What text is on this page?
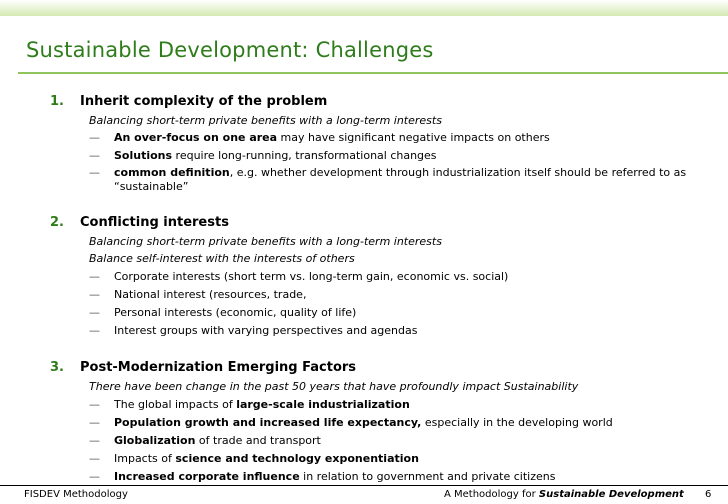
Sustainable Development: Challenges
1. Inherit complexity of the problem
Balancing short-term private benefits with a long-term interests
— An over-focus on one area may have significant negative impacts on others
— Solutions require long-running, transformational changes
— common definition, e.g. whether development through industrialization itself should be referred to as “sustainable”
2. Conflicting interests
Balancing short-term private benefits with a long-term interests
Balance self-interest with the interests of others
— Corporate interests (short term vs. long-term gain, economic vs. social)
— National interest (resources, trade,
— Personal interests (economic, quality of life)
— Interest groups with varying perspectives and agendas
3. Post-Modernization Emerging Factors
There have been change in the past 50 years that have profoundly impact Sustainability
— The global impacts of large-scale industrialization
— Population growth and increased life expectancy, especially in the developing world
— Globalization of trade and transport
— Impacts of science and technology exponentiation
— Increased corporate influence in relation to government and private citizens
FISDEV Methodology	A Methodology for Sustainable Development 6
